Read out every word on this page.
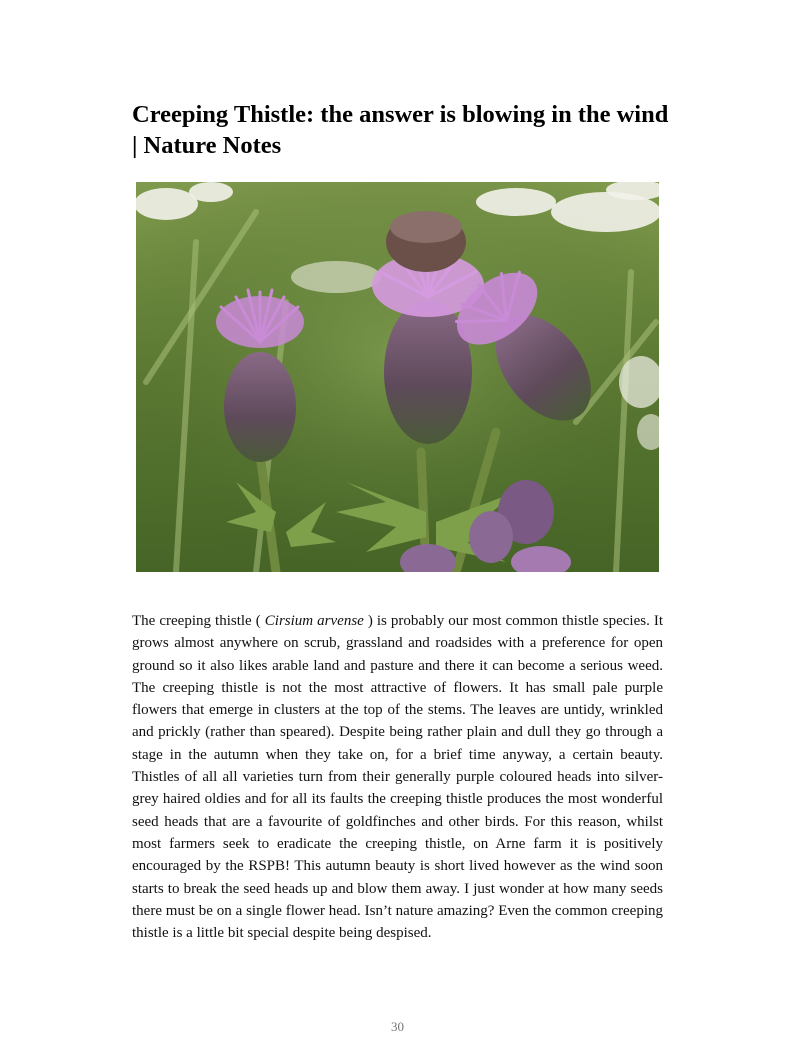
Creeping Thistle: the answer is blowing in the wind | Nature Notes

The creeping thistle ( Cirsium arvense ) is probably our most common thistle species. It grows almost anywhere on scrub, grassland and roadsides with a preference for open ground so it also likes arable land and pasture and there it can become a serious weed. The creeping thistle is not the most attractive of flowers. It has small pale purple flowers that emerge in clusters at the top of the stems. The leaves are untidy, wrinkled and prickly (rather than speared). Despite being rather plain and dull they go through a stage in the autumn when they take on, for a brief time anyway, a certain beauty. Thistles of all all varieties turn from their generally purple coloured heads into silver-grey haired oldies and for all its faults the creeping thistle produces the most wonderful seed heads that are a favourite of goldfinches and other birds. For this reason, whilst most farmers seek to eradicate the creeping thistle, on Arne farm it is positively encouraged by the RSPB! This autumn beauty is short lived however as the wind soon starts to break the seed heads up and blow them away. I just wonder at how many seeds there must be on a single flower head. Isn’t nature amazing? Even the common creeping thistle is a little bit special despite being despised.

30
